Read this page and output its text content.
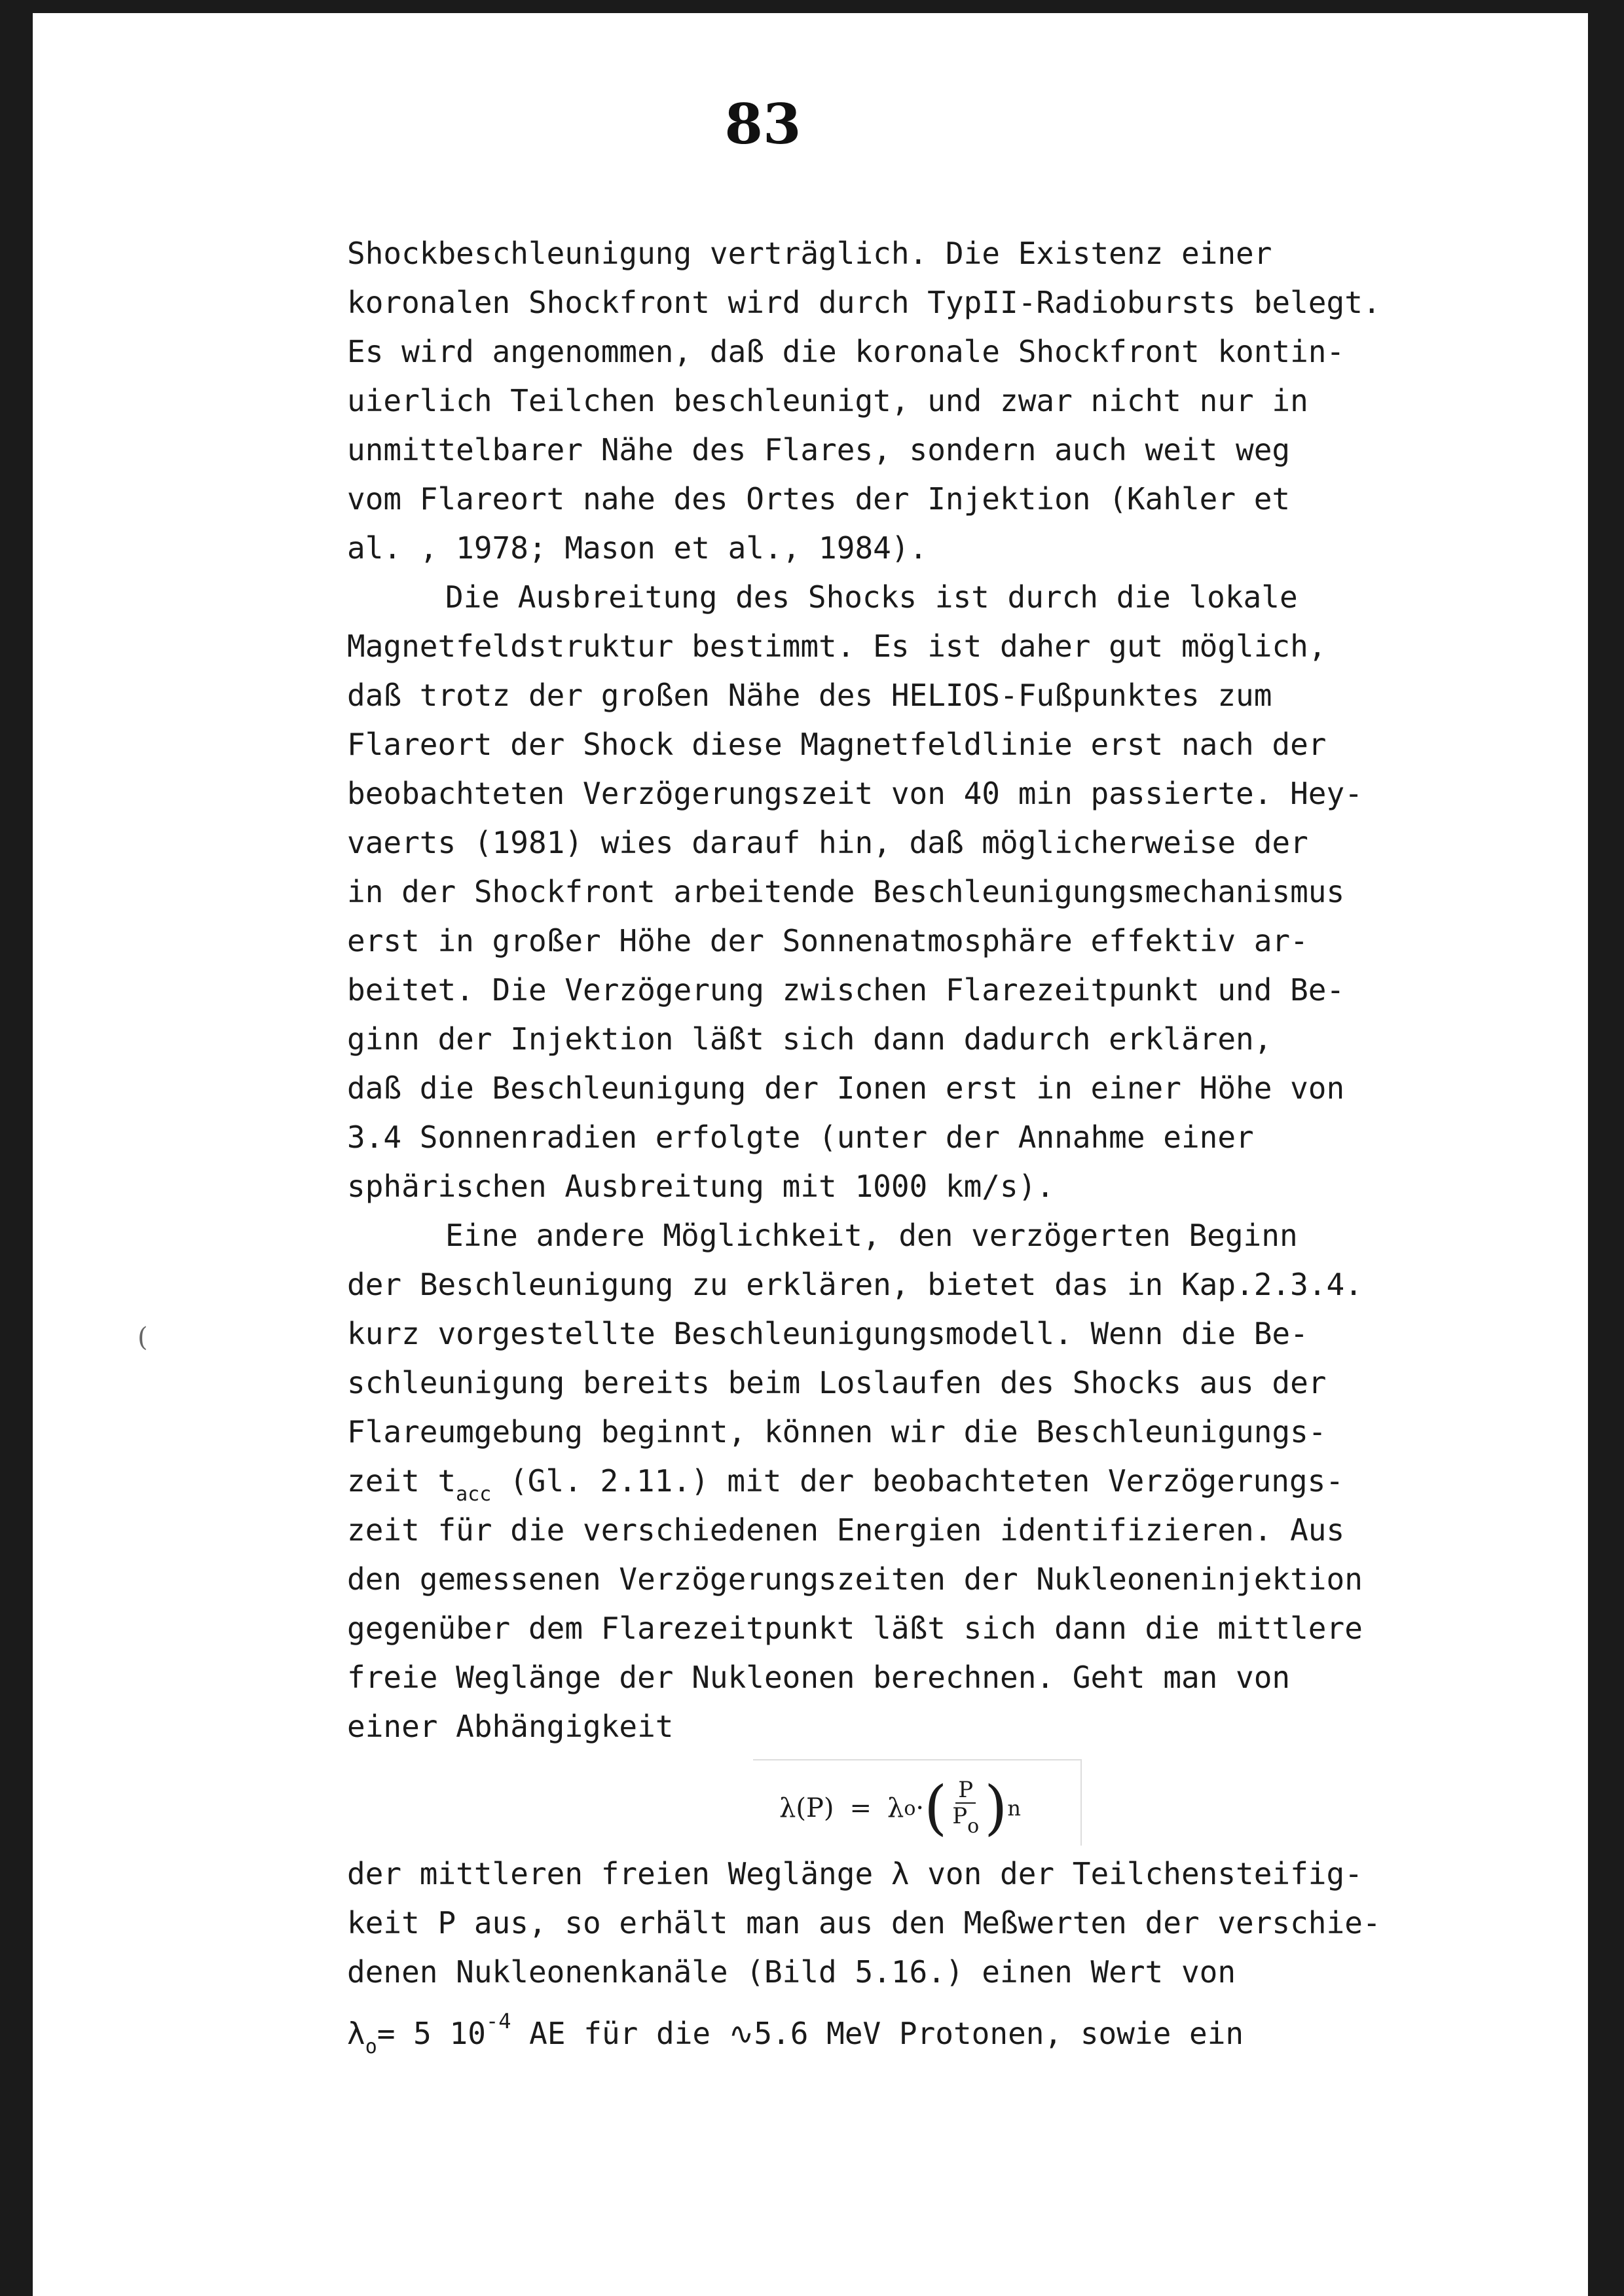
83
(
Shockbeschleunigung verträglich. Die Existenz einer
koronalen Shockfront wird durch TypII-Radiobursts belegt.
Es wird angenommen, daß die koronale Shockfront kontin-
uierlich Teilchen beschleunigt, und zwar nicht nur in
unmittelbarer Nähe des Flares, sondern auch weit weg
vom Flareort nahe des Ortes der Injektion (Kahler et
al. , 1978; Mason et al., 1984).
Die Ausbreitung des Shocks ist durch die lokale
Magnetfeldstruktur bestimmt. Es ist daher gut möglich,
daß trotz der großen Nähe des HELIOS-Fußpunktes zum
Flareort der Shock diese Magnetfeldlinie erst nach der
beobachteten Verzögerungszeit von 40 min passierte. Hey-
vaerts (1981) wies darauf hin, daß möglicherweise der
in der Shockfront arbeitende Beschleunigungsmechanismus
erst in großer Höhe der Sonnenatmosphäre effektiv ar-
beitet. Die Verzögerung zwischen Flarezeitpunkt und Be-
ginn der Injektion läßt sich dann dadurch erklären,
daß die Beschleunigung der Ionen erst in einer Höhe von
3.4 Sonnenradien erfolgte (unter der Annahme einer
sphärischen Ausbreitung mit 1000 km/s).
Eine andere Möglichkeit, den verzögerten Beginn
der Beschleunigung zu erklären, bietet das in Kap.2.3.4.
kurz vorgestellte Beschleunigungsmodell. Wenn die Be-
schleunigung bereits beim Loslaufen des Shocks aus der
Flareumgebung beginnt, können wir die Beschleunigungs-
zeit $t_{acc}$ (Gl. 2.11.) mit der beobachteten Verzögerungs-
zeit für die verschiedenen Energien identifizieren. Aus
den gemessenen Verzögerungszeiten der Nukleoneninjektion
gegenüber dem Flarezeitpunkt läßt sich dann die mittlere
freie Weglänge der Nukleonen berechnen. Geht man von
einer Abhängigkeit
λ(P) = λ o · ( $\frac{P}{P_o}$ ) n
der mittleren freien Weglänge λ von der Teilchensteifig-
keit P aus, so erhält man aus den Meßwerten der verschie-
denen Nukleonenkanäle (Bild 5.16.) einen Wert von
$\lambda_o= 5$ $10^{-4}$ AE für die ∿5.6 MeV Protonen, sowie ein
